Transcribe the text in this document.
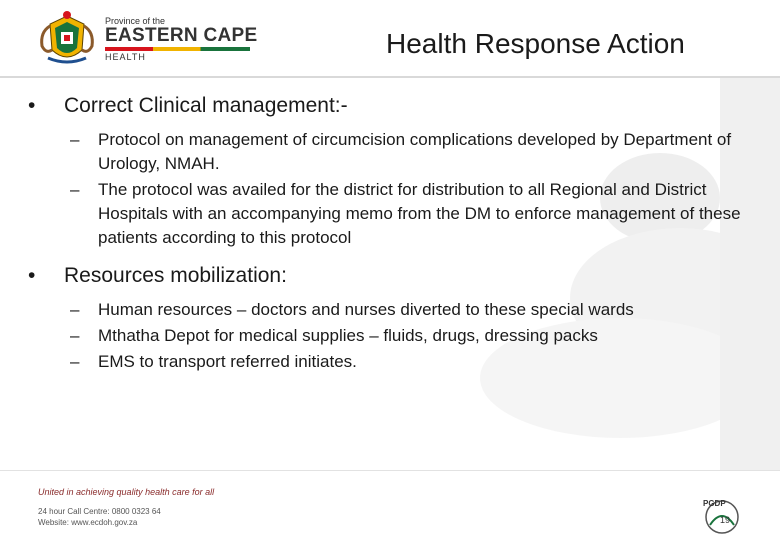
Province of the
EASTERN CAPE
HEALTH	Health Response Action
• Correct Clinical management:-
– Protocol on management of circumcision complications developed by Department of Urology, NMAH.
– The protocol was availed for the district for distribution to all Regional and District Hospitals with an accompanying memo from the DM to enforce management of these patients according to this protocol
• Resources mobilization:
– Human resources – doctors and nurses diverted to these special wards
– Mthatha Depot for medical supplies – fluids, drugs, dressing packs
– EMS to transport referred initiates.
United in achieving quality health care for all
24 hour Call Centre: 0800 0323 64
Website: www.ecdoh.gov.za
PGDP
19
